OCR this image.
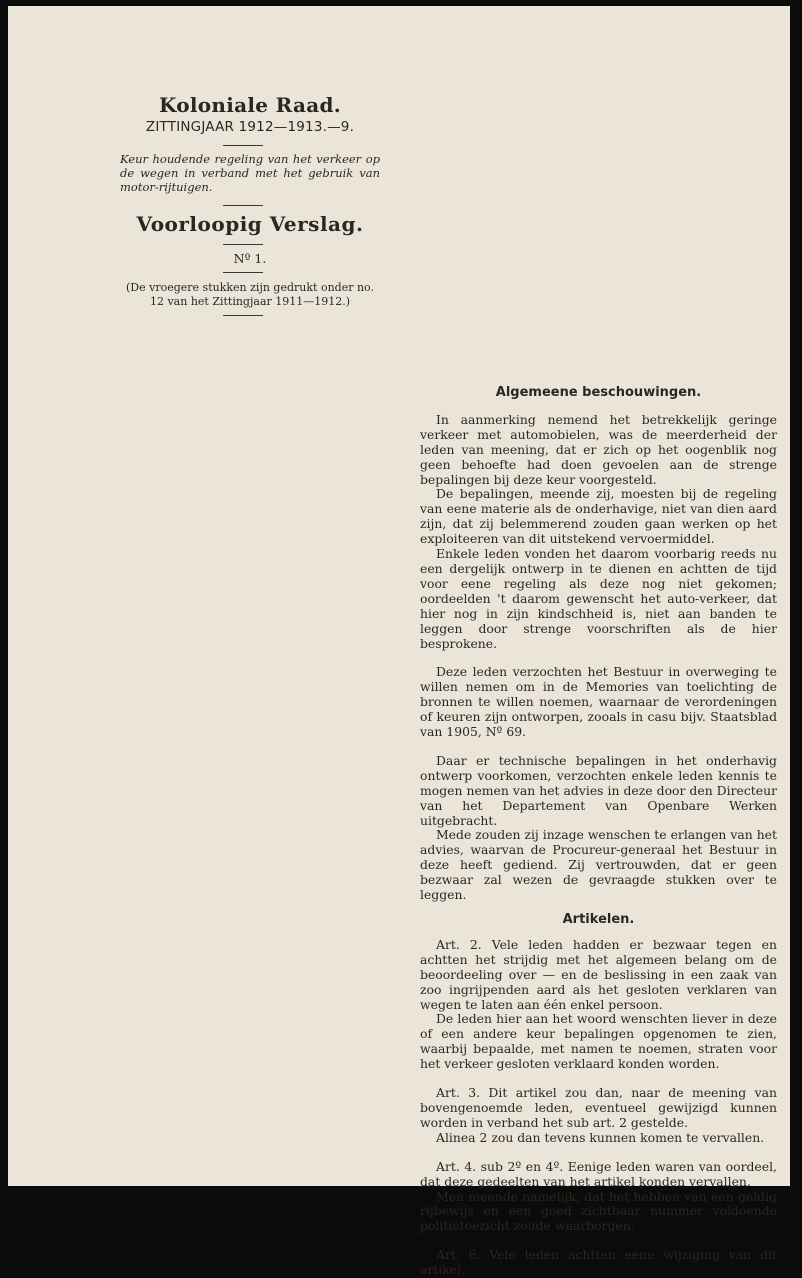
Koloniale Raad.
ZITTINGJAAR 1912—1913.—9.
Keur houdende regeling van het verkeer op de wegen in verband met het gebruik van motor-rijtuigen.
Voorloopig Verslag.
Nº 1.
(De vroegere stukken zijn gedrukt onder no. 12 van het Zittingjaar 1911—1912.)

Algemeene beschouwingen.

In aanmerking nemend het betrekkelijk geringe verkeer met automobielen, was de meerderheid der leden van meening, dat er zich op het oogenblik nog geen behoefte had doen gevoelen aan de strenge bepalingen bij deze keur voorgesteld.

De bepalingen, meende zij, moesten bij de regeling van eene materie als de onderhavige, niet van dien aard zijn, dat zij belemmerend zouden gaan werken op het exploiteeren van dit uitstekend vervoermiddel.

Enkele leden vonden het daarom voorbarig reeds nu een dergelijk ontwerp in te dienen en achtten de tijd voor eene regeling als deze nog niet gekomen; oordeelden 't daarom gewenscht het auto-verkeer, dat hier nog in zijn kindschheid is, niet aan banden te leggen door strenge voorschriften als de hier besprokene.

Deze leden verzochten het Bestuur in overweging te willen nemen om in de Memories van toelichting de bronnen te willen noemen, waarnaar de verordeningen of keuren zijn ontworpen, zooals in casu bijv. Staatsblad van 1905, Nº 69.

Daar er technische bepalingen in het onderhavig ontwerp voorkomen, verzochten enkele leden kennis te mogen nemen van het advies in deze door den Directeur van het Departement van Openbare Werken uitgebracht.

Mede zouden zij inzage wenschen te erlangen van het advies, waarvan de Procureur-generaal het Bestuur in deze heeft gediend. Zij vertrouwden, dat er geen bezwaar zal wezen de gevraagde stukken over te leggen.

Artikelen.

Art. 2. Vele leden hadden er bezwaar tegen en achtten het strijdig met het algemeen belang om de beoordeeling over — en de beslissing in een zaak van zoo ingrijpenden aard als het gesloten verklaren van wegen te laten aan één enkel persoon.

De leden hier aan het woord wenschten liever in deze of een andere keur bepalingen opgenomen te zien, waarbij bepaalde, met namen te noemen, straten voor het verkeer gesloten verklaard konden worden.

Art. 3. Dit artikel zou dan, naar de meening van bovengenoemde leden, eventueel gewijzigd kunnen worden in verband het sub art. 2 gestelde.

Alinea 2 zou dan tevens kunnen komen te vervallen.

Art. 4. sub 2º en 4º. Eenige leden waren van oordeel, dat deze gedeelten van het artikel konden vervallen.

Men meende namelijk, dat het hebben van een geldig rijbewijs en een goed zichtbaar nummer voldoende politietoezicht zoude waarborgen.

Art. 6. Vele leden achtten eene wijziging van dit artikel,
